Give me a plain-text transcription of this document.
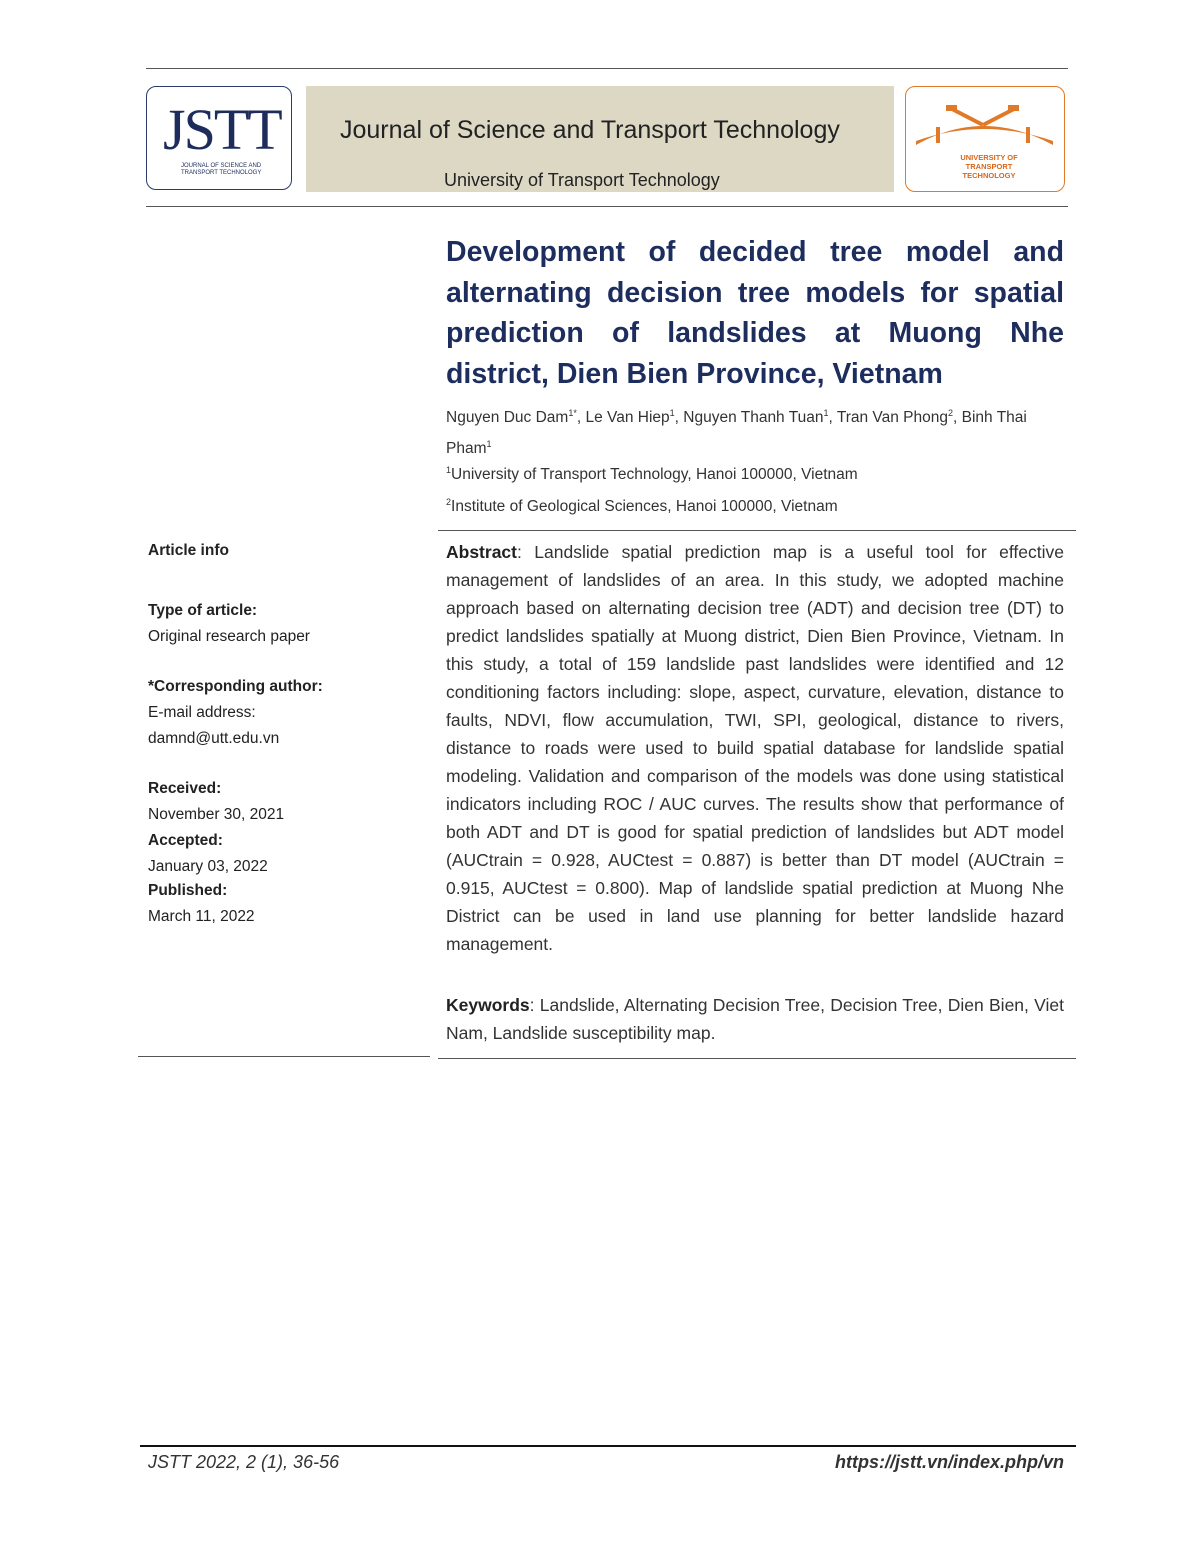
JSTT
JOURNAL OF SCIENCE AND TRANSPORT TECHNOLOGY
Journal of Science and Transport Technology
University of Transport Technology
UNIVERSITY OF TRANSPORT TECHNOLOGY
Development of decided tree model and alternating decision tree models for spatial prediction of landslides at Muong Nhe district, Dien Bien Province, Vietnam
Nguyen Duc Dam$^{1*}$, Le Van Hiep$^1$, Nguyen Thanh Tuan$^1$, Tran Van Phong$^2$, Binh Thai Pham$^1$
$^1$University of Transport Technology, Hanoi 100000, Vietnam
$^2$Institute of Geological Sciences, Hanoi 100000, Vietnam
Article info
Type of article:
Original research paper
*Corresponding author:
E-mail address:
damnd@utt.edu.vn
Received:
November 30, 2021
Accepted:
January 03, 2022
Published:
March 11, 2022

Abstract: Landslide spatial prediction map is a useful tool for effective management of landslides of an area. In this study, we adopted machine approach based on alternating decision tree (ADT) and decision tree (DT) to predict landslides spatially at Muong district, Dien Bien Province, Vietnam. In this study, a total of 159 landslide past landslides were identified and 12 conditioning factors including: slope, aspect, curvature, elevation, distance to faults, NDVI, flow accumulation, TWI, SPI, geological, distance to rivers, distance to roads were used to build spatial database for landslide spatial modeling. Validation and comparison of the models was done using statistical indicators including ROC / AUC curves. The results show that performance of both ADT and DT is good for spatial prediction of landslides but ADT model (AUCtrain = 0.928, AUCtest = 0.887) is better than DT model (AUCtrain = 0.915, AUCtest = 0.800). Map of landslide spatial prediction at Muong Nhe District can be used in land use planning for better landslide hazard management.

Keywords: Landslide, Alternating Decision Tree, Decision Tree, Dien Bien, Viet Nam, Landslide susceptibility map.

JSTT 2022, 2 (1), 36-56	https://jstt.vn/index.php/vn
